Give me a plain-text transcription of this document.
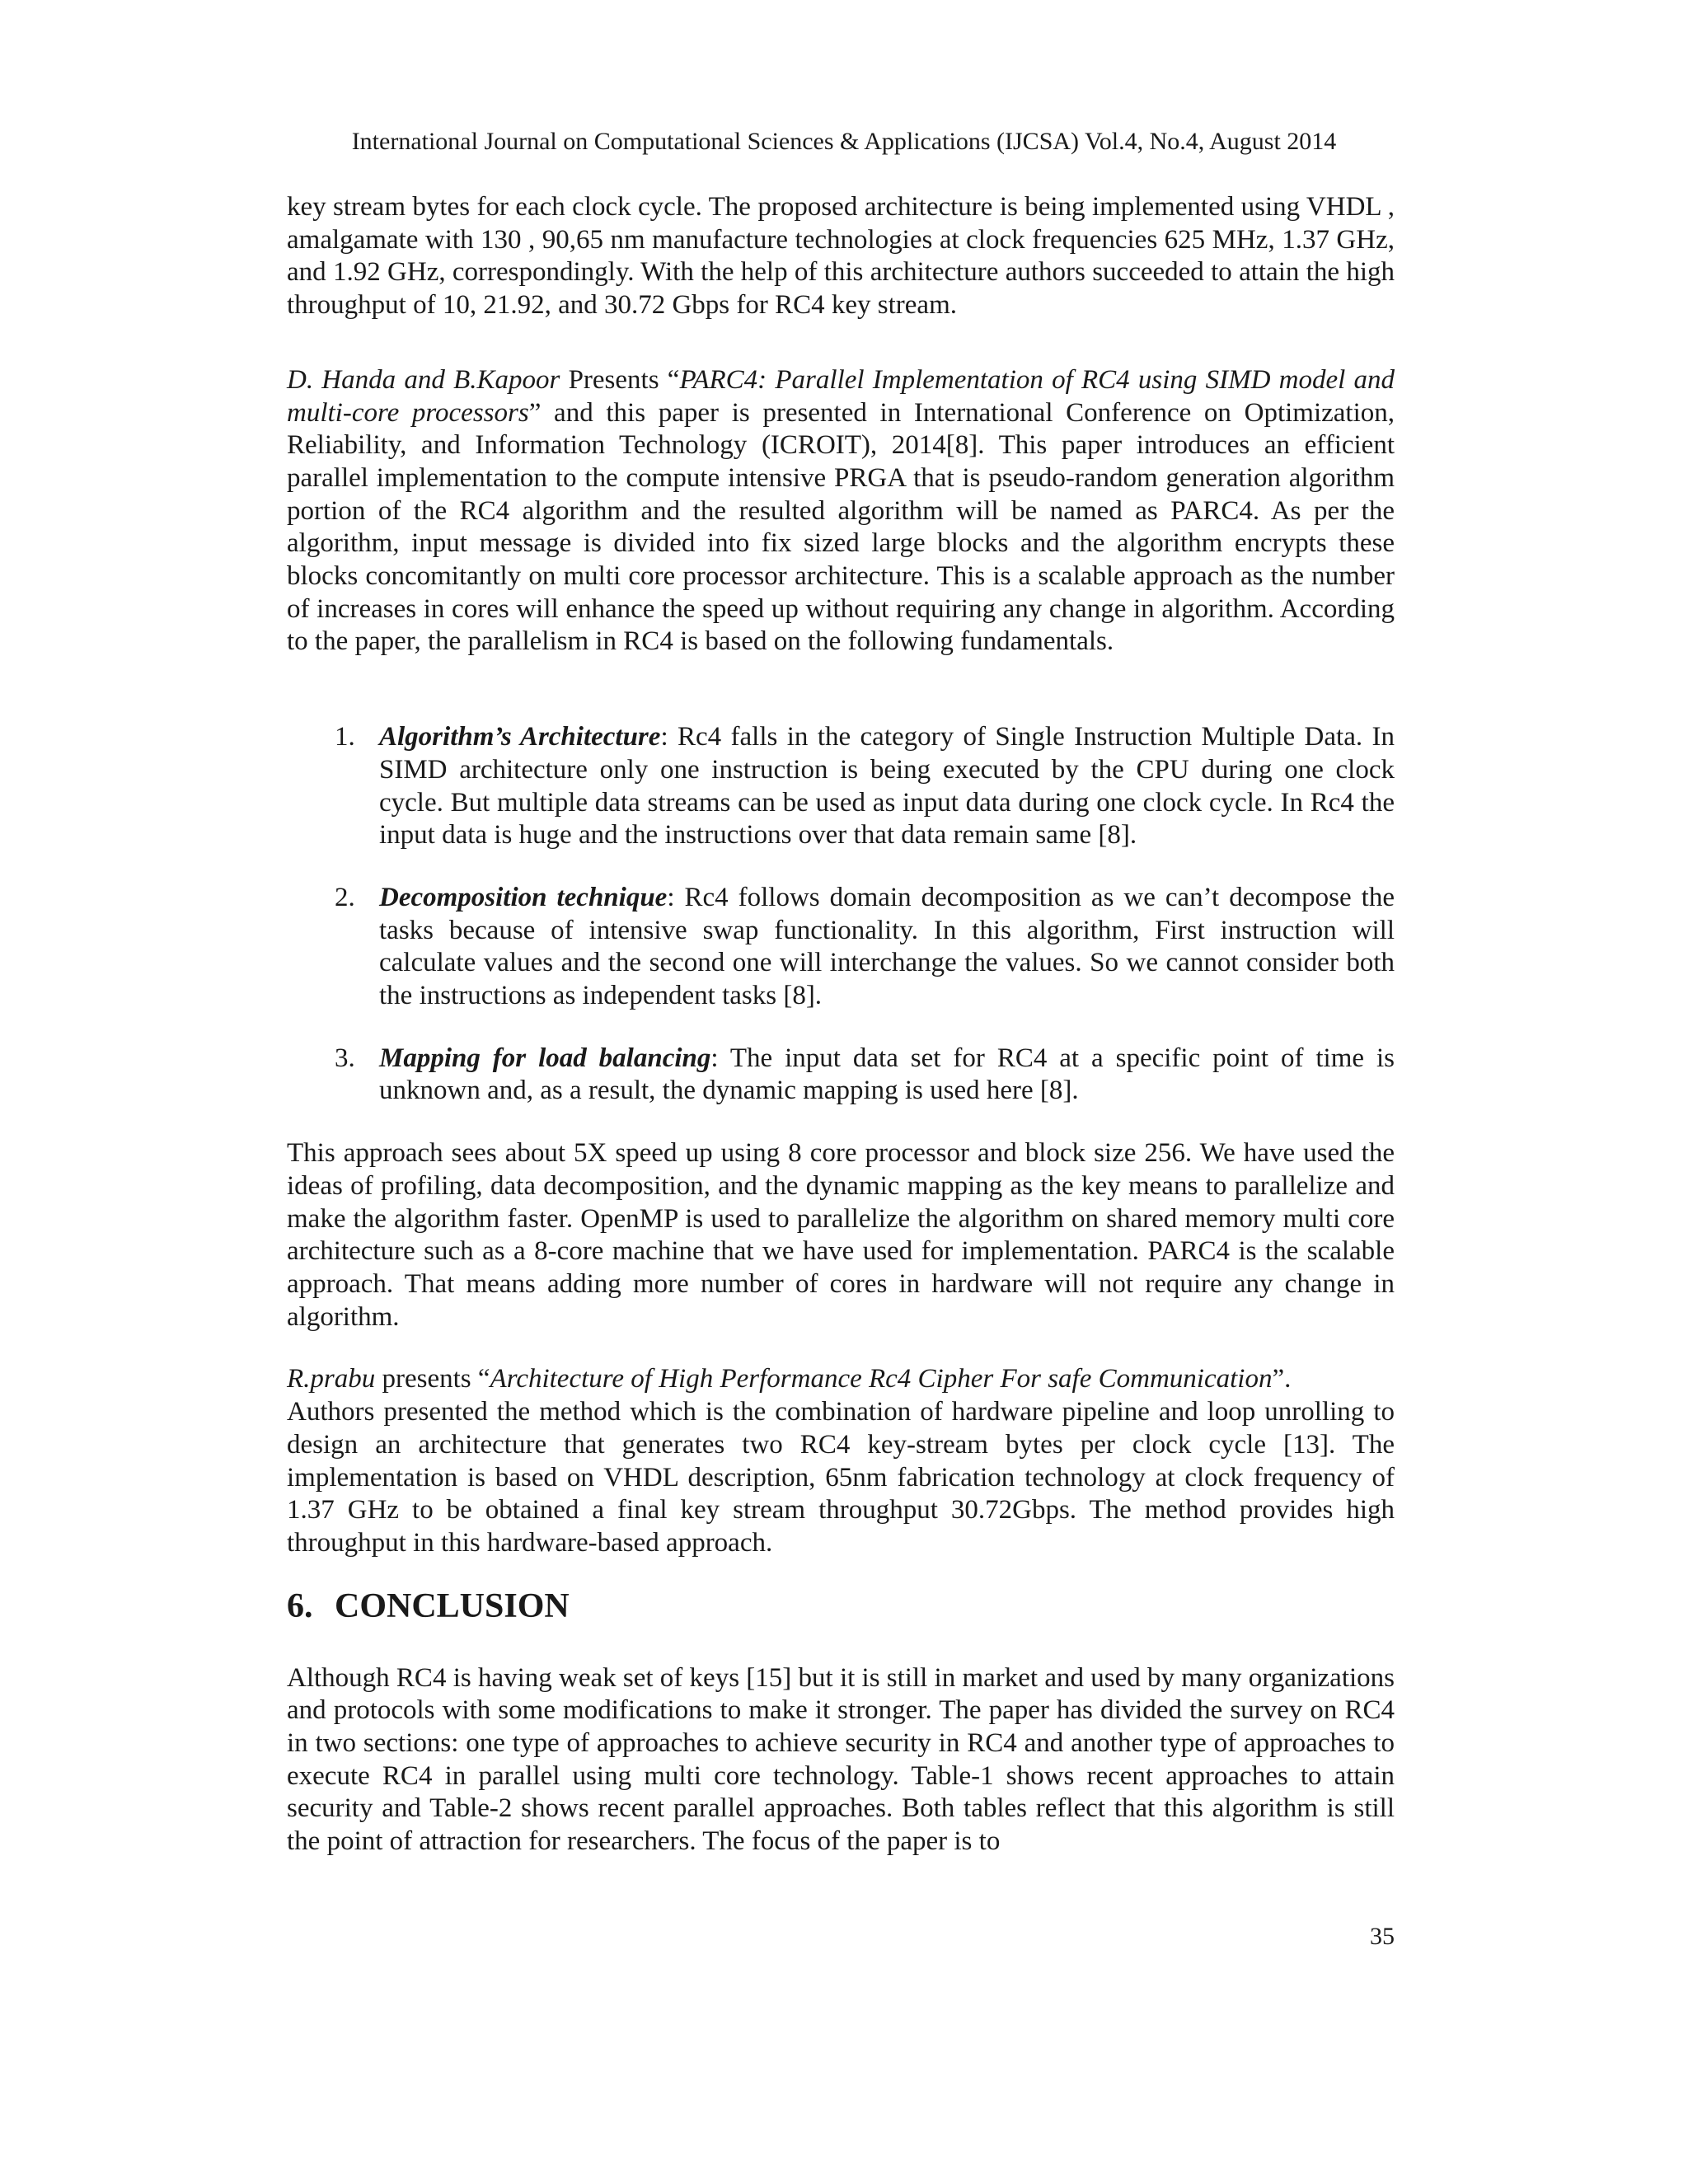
International Journal on Computational Sciences & Applications (IJCSA) Vol.4, No.4, August 2014

key stream bytes for each clock cycle. The proposed architecture is being implemented using VHDL , amalgamate with 130 , 90,65 nm manufacture technologies at clock frequencies 625 MHz, 1.37 GHz, and 1.92 GHz, correspondingly. With the help of this architecture authors succeeded to attain the high throughput of 10, 21.92, and 30.72 Gbps for RC4 key stream.

D. Handa and B.Kapoor Presents “PARC4: Parallel Implementation of RC4 using SIMD model and multi-core processors” and this paper is presented in International Conference on Optimization, Reliability, and Information Technology (ICROIT), 2014[8]. This paper introduces an efficient parallel implementation to the compute intensive PRGA that is pseudo-random generation algorithm portion of the RC4 algorithm and the resulted algorithm will be named as PARC4. As per the algorithm, input message is divided into fix sized large blocks and the algorithm encrypts these blocks concomitantly on multi core processor architecture. This is a scalable approach as the number of increases in cores will enhance the speed up without requiring any change in algorithm. According to the paper, the parallelism in RC4 is based on the following fundamentals.

1. Algorithm’s Architecture: Rc4 falls in the category of Single Instruction Multiple Data. In SIMD architecture only one instruction is being executed by the CPU during one clock cycle. But multiple data streams can be used as input data during one clock cycle. In Rc4 the input data is huge and the instructions over that data remain same [8].

2. Decomposition technique: Rc4 follows domain decomposition as we can’t decompose the tasks because of intensive swap functionality. In this algorithm, First instruction will calculate values and the second one will interchange the values. So we cannot consider both the instructions as independent tasks [8].

3. Mapping for load balancing: The input data set for RC4 at a specific point of time is unknown and, as a result, the dynamic mapping is used here [8].

This approach sees about 5X speed up using 8 core processor and block size 256. We have used the ideas of profiling, data decomposition, and the dynamic mapping as the key means to parallelize and make the algorithm faster. OpenMP is used to parallelize the algorithm on shared memory multi core architecture such as a 8-core machine that we have used for implementation. PARC4 is the scalable approach. That means adding more number of cores in hardware will not require any change in algorithm.

R.prabu presents “Architecture of High Performance Rc4 Cipher For safe Communication”.
Authors presented the method which is the combination of hardware pipeline and loop unrolling to design an architecture that generates two RC4 key-stream bytes per clock cycle [13]. The implementation is based on VHDL description, 65nm fabrication technology at clock frequency of 1.37 GHz to be obtained a final key stream throughput 30.72Gbps. The method provides high throughput in this hardware-based approach.

6. CONCLUSION

Although RC4 is having weak set of keys [15] but it is still in market and used by many organizations and protocols with some modifications to make it stronger. The paper has divided the survey on RC4 in two sections: one type of approaches to achieve security in RC4 and another type of approaches to execute RC4 in parallel using multi core technology. Table-1 shows recent approaches to attain security and Table-2 shows recent parallel approaches. Both tables reflect that this algorithm is still the point of attraction for researchers. The focus of the paper is to

35
